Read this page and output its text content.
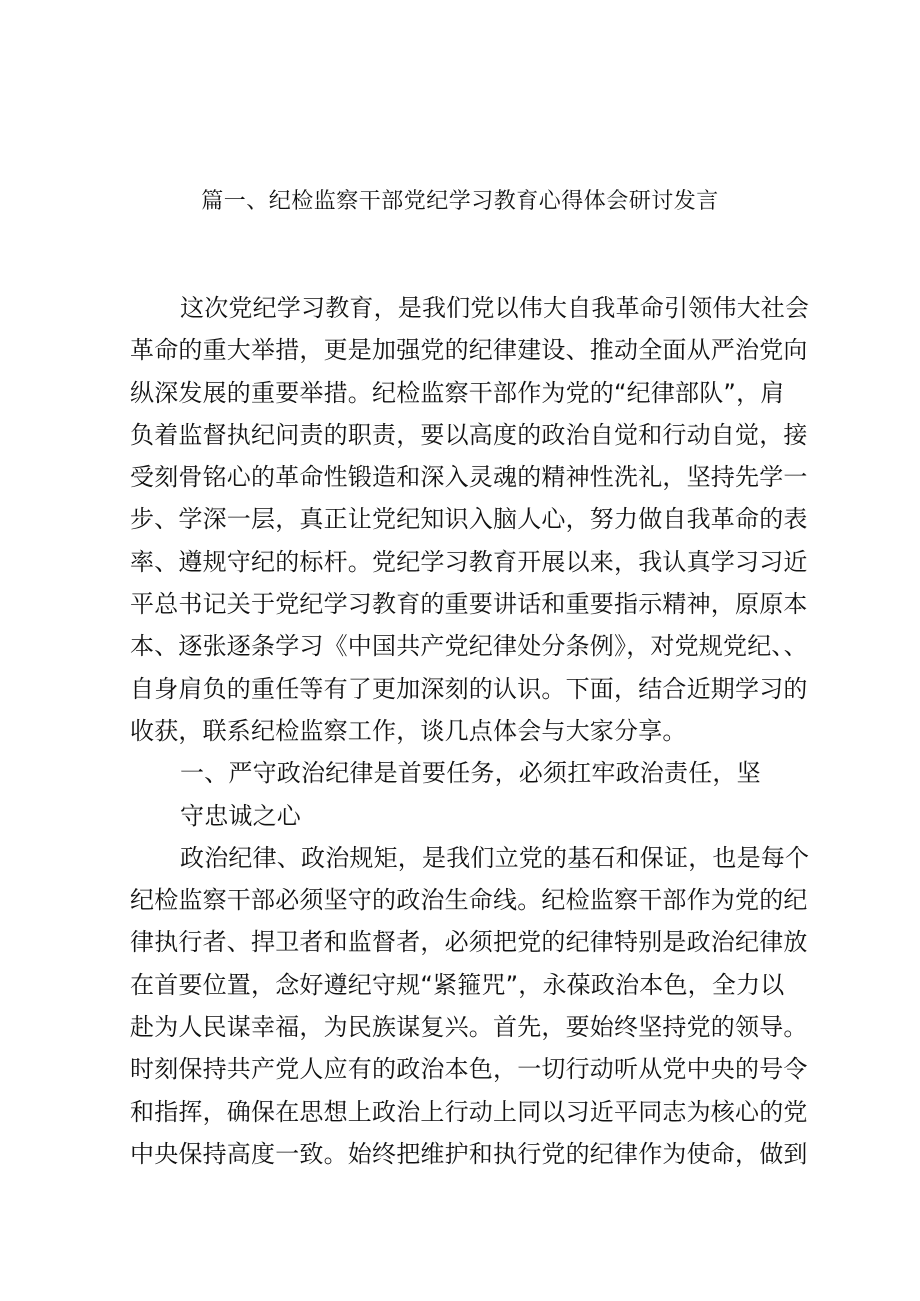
篇一、纪检监察干部党纪学习教育心得体会研讨发言
这次党纪学习教育，是我们党以伟大自我革命引领伟大社会
革命的重大举措，更是加强党的纪律建设、推动全面从严治党向
纵深发展的重要举措。纪检监察干部作为党的“纪律部队”，肩
负着监督执纪问责的职责，要以高度的政治自觉和行动自觉，接
受刻骨铭心的革命性锻造和深入灵魂的精神性洗礼，坚持先学一
步、学深一层，真正让党纪知识入脑人心，努力做自我革命的表
率、遵规守纪的标杆。党纪学习教育开展以来，我认真学习习近
平总书记关于党纪学习教育的重要讲话和重要指示精神，原原本
本、逐张逐条学习《中国共产党纪律处分条例》，对党规党纪、、
自身肩负的重任等有了更加深刻的认识。下面，结合近期学习的
收获，联系纪检监察工作，谈几点体会与大家分享。
一、严守政治纪律是首要任务，必须扛牢政治责任，坚
守忠诚之心
政治纪律、政治规矩，是我们立党的基石和保证，也是每个
纪检监察干部必须坚守的政治生命线。纪检监察干部作为党的纪
律执行者、捍卫者和监督者，必须把党的纪律特别是政治纪律放
在首要位置，念好遵纪守规“紧箍咒”，永葆政治本色，全力以
赴为人民谋幸福，为民族谋复兴。首先，要始终坚持党的领导。
时刻保持共产党人应有的政治本色，一切行动听从党中央的号令
和指挥，确保在思想上政治上行动上同以习近平同志为核心的党
中央保持高度一致。始终把维护和执行党的纪律作为使命，做到
